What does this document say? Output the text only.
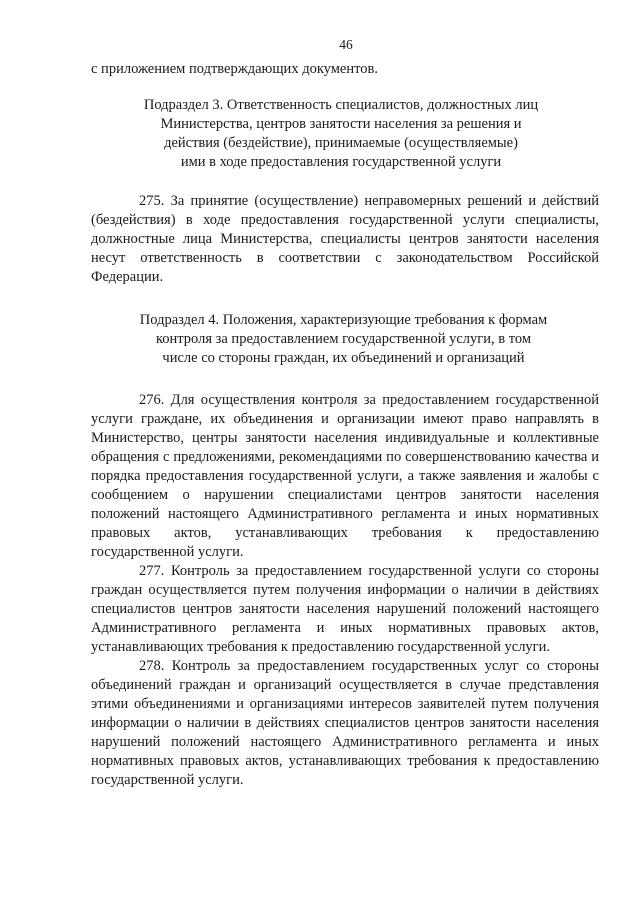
46

с приложением подтверждающих документов.

Подраздел 3. Ответственность специалистов, должностных лиц
Министерства, центров занятости населения за решения и
действия (бездействие), принимаемые (осуществляемые)
ими в ходе предоставления государственной услуги

275. За принятие (осуществление) неправомерных решений и действий (бездействия) в ходе предоставления государственной услуги специалисты, должностные лица Министерства, специалисты центров занятости населения несут ответственность в соответствии с законодательством Российской Федерации.

Подраздел 4. Положения, характеризующие требования к формам
контроля за предоставлением государственной услуги, в том
числе со стороны граждан, их объединений и организаций

276. Для осуществления контроля за предоставлением государственной услуги граждане, их объединения и организации имеют право направлять в Министерство, центры занятости населения индивидуальные и коллективные обращения с предложениями, рекомендациями по совершенствованию качества и порядка предоставления государственной услуги, а также заявления и жалобы с сообщением о нарушении специалистами центров занятости населения положений настоящего Административного регламента и иных нормативных правовых актов, устанавливающих требования к предоставлению государственной услуги.

277. Контроль за предоставлением государственной услуги со стороны граждан осуществляется путем получения информации о наличии в действиях специалистов центров занятости населения нарушений положений настоящего Административного регламента и иных нормативных правовых актов, устанавливающих требования к предоставлению государственной услуги.

278. Контроль за предоставлением государственных услуг со стороны объединений граждан и организаций осуществляется в случае представления этими объединениями и организациями интересов заявителей путем получения информации о наличии в действиях специалистов центров занятости населения нарушений положений настоящего Административного регламента и иных нормативных правовых актов, устанавливающих требования к предоставлению государственной услуги.
